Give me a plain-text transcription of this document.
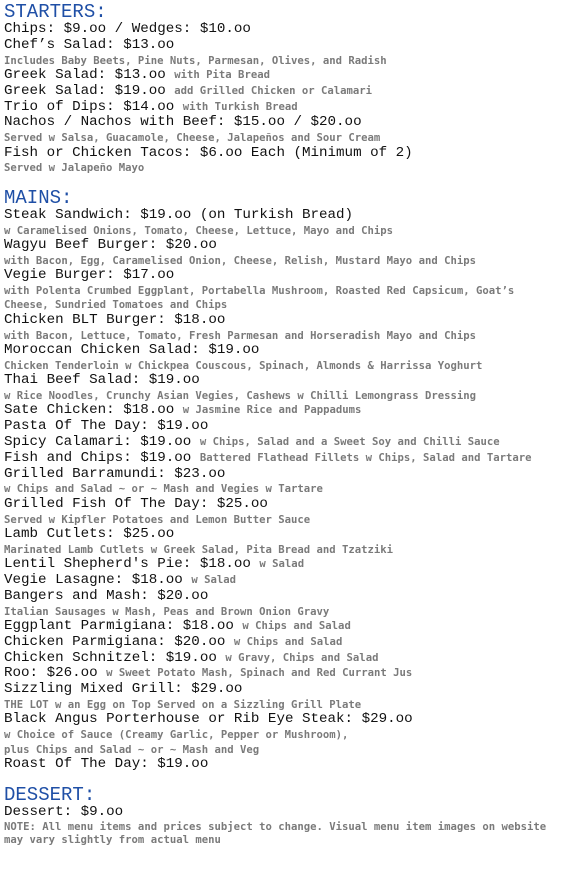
STARTERS:
Chips: $9.oo / Wedges: $10.oo
Chef’s Salad: $13.oo
Includes Baby Beets, Pine Nuts, Parmesan, Olives, and Radish
Greek Salad: $13.oo with Pita Bread
Greek Salad: $19.oo add Grilled Chicken or Calamari
Trio of Dips: $14.oo with Turkish Bread
Nachos / Nachos with Beef: $15.oo / $20.oo
Served w Salsa, Guacamole, Cheese, Jalapeños and Sour Cream
Fish or Chicken Tacos: $6.oo Each (Minimum of 2)
Served w Jalapeño Mayo
MAINS:
Steak Sandwich: $19.oo (on Turkish Bread)
w Caramelised Onions, Tomato, Cheese, Lettuce, Mayo and Chips
Wagyu Beef Burger: $20.oo
with Bacon, Egg, Caramelised Onion, Cheese, Relish, Mustard Mayo and Chips
Vegie Burger: $17.oo
with Polenta Crumbed Eggplant, Portabella Mushroom, Roasted Red Capsicum, Goat’s Cheese, Sundried Tomatoes and Chips
Chicken BLT Burger: $18.oo
with Bacon, Lettuce, Tomato, Fresh Parmesan and Horseradish Mayo and Chips
Moroccan Chicken Salad: $19.oo
Chicken Tenderloin w Chickpea Couscous, Spinach, Almonds & Harrissa Yoghurt
Thai Beef Salad: $19.oo
w Rice Noodles, Crunchy Asian Vegies, Cashews w Chilli Lemongrass Dressing
Sate Chicken: $18.oo w Jasmine Rice and Pappadums
Pasta Of The Day: $19.oo
Spicy Calamari: $19.oo w Chips, Salad and a Sweet Soy and Chilli Sauce
Fish and Chips: $19.oo Battered Flathead Fillets w Chips, Salad and Tartare
Grilled Barramundi: $23.oo
w Chips and Salad ~ or ~ Mash and Vegies w Tartare
Grilled Fish Of The Day: $25.oo
Served w Kipfler Potatoes and Lemon Butter Sauce
Lamb Cutlets: $25.oo
Marinated Lamb Cutlets w Greek Salad, Pita Bread and Tzatziki
Lentil Shepherd's Pie: $18.oo w Salad
Vegie Lasagne: $18.oo w Salad
Bangers and Mash: $20.oo
Italian Sausages w Mash, Peas and Brown Onion Gravy
Eggplant Parmigiana: $18.oo w Chips and Salad
Chicken Parmigiana: $20.oo w Chips and Salad
Chicken Schnitzel: $19.oo w Gravy, Chips and Salad
Roo: $26.oo w Sweet Potato Mash, Spinach and Red Currant Jus
Sizzling Mixed Grill: $29.oo
THE LOT w an Egg on Top Served on a Sizzling Grill Plate
Black Angus Porterhouse or Rib Eye Steak: $29.oo
w Choice of Sauce (Creamy Garlic, Pepper or Mushroom),
plus Chips and Salad ~ or ~ Mash and Veg
Roast Of The Day: $19.oo
DESSERT:
Dessert: $9.oo
NOTE: All menu items and prices subject to change. Visual menu item images on website may vary slightly from actual menu
